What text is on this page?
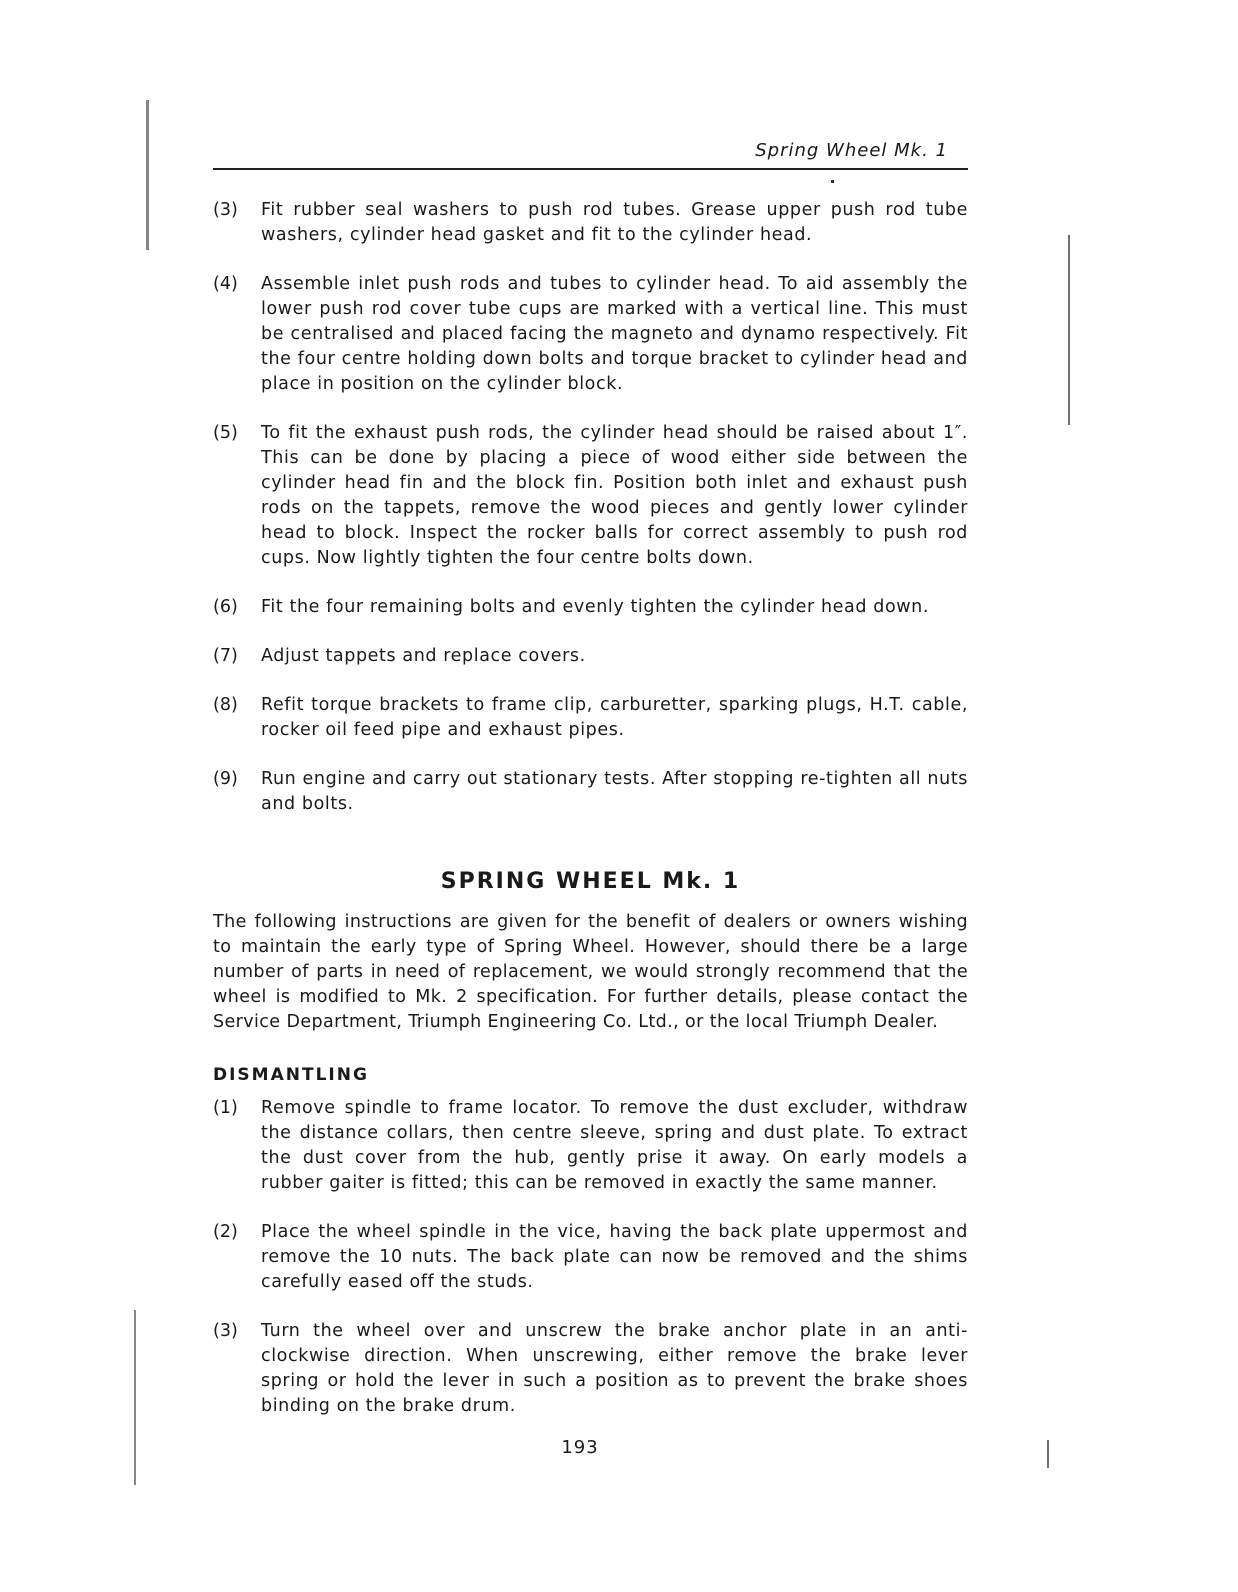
Spring Wheel Mk. 1
(3)	Fit rubber seal washers to push rod tubes. Grease upper push rod tube washers, cylinder head gasket and fit to the cylinder head.
(4)	Assemble inlet push rods and tubes to cylinder head. To aid assembly the lower push rod cover tube cups are marked with a vertical line. This must be centralised and placed facing the magneto and dynamo respectively. Fit the four centre holding down bolts and torque bracket to cylinder head and place in position on the cylinder block.
(5)	To fit the exhaust push rods, the cylinder head should be raised about 1″. This can be done by placing a piece of wood either side between the cylinder head fin and the block fin. Position both inlet and exhaust push rods on the tappets, remove the wood pieces and gently lower cylinder head to block. Inspect the rocker balls for correct assembly to push rod cups. Now lightly tighten the four centre bolts down.
(6)	Fit the four remaining bolts and evenly tighten the cylinder head down.
(7)	Adjust tappets and replace covers.
(8)	Refit torque brackets to frame clip, carburetter, sparking plugs, H.T. cable, rocker oil feed pipe and exhaust pipes.
(9)	Run engine and carry out stationary tests. After stopping re-tighten all nuts and bolts.
SPRING WHEEL Mk. 1
The following instructions are given for the benefit of dealers or owners wishing to maintain the early type of Spring Wheel. However, should there be a large number of parts in need of replacement, we would strongly recommend that the wheel is modified to Mk. 2 specification. For further details, please contact the Service Department, Triumph Engineering Co. Ltd., or the local Triumph Dealer.
DISMANTLING
(1)	Remove spindle to frame locator. To remove the dust excluder, withdraw the distance collars, then centre sleeve, spring and dust plate. To extract the dust cover from the hub, gently prise it away. On early models a rubber gaiter is fitted; this can be removed in exactly the same manner.
(2)	Place the wheel spindle in the vice, having the back plate uppermost and remove the 10 nuts. The back plate can now be removed and the shims carefully eased off the studs.
(3)	Turn the wheel over and unscrew the brake anchor plate in an anti-clockwise direction. When unscrewing, either remove the brake lever spring or hold the lever in such a position as to prevent the brake shoes binding on the brake drum.
193
